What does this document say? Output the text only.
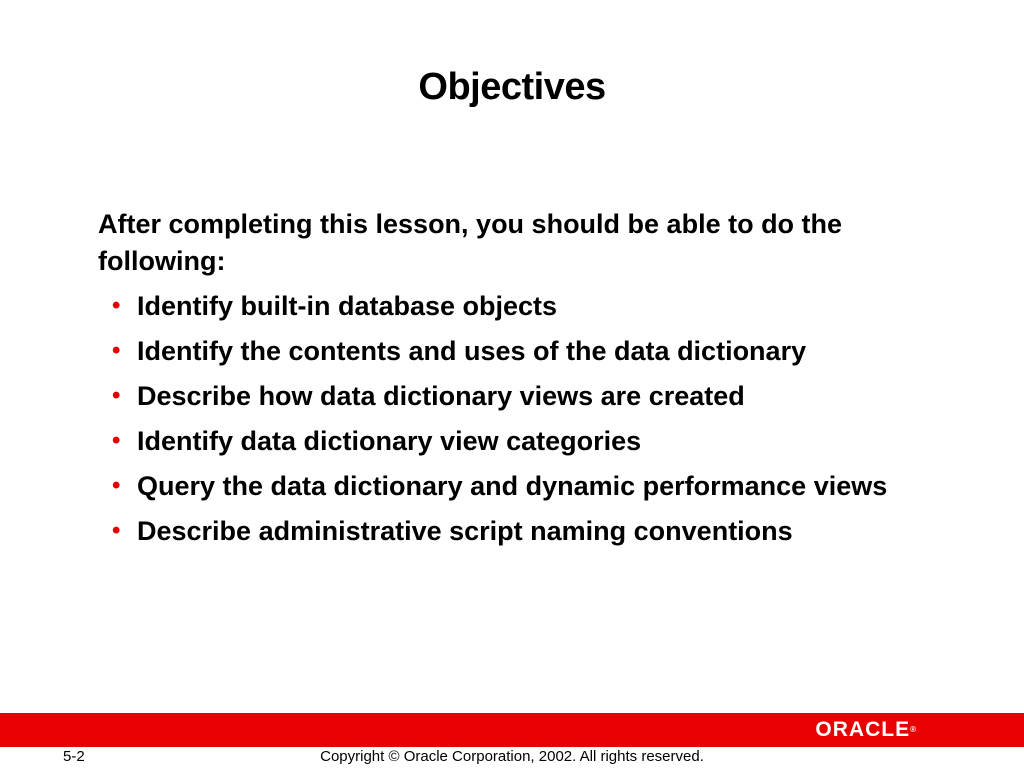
Objectives

After completing this lesson, you should be able to do the following:

• Identify built-in database objects
• Identify the contents and uses of the data dictionary
• Describe how data dictionary views are created
• Identify data dictionary view categories
• Query the data dictionary and dynamic performance views
• Describe administrative script naming conventions
ORACLE®
5-2	Copyright © Oracle Corporation, 2002. All rights reserved.
